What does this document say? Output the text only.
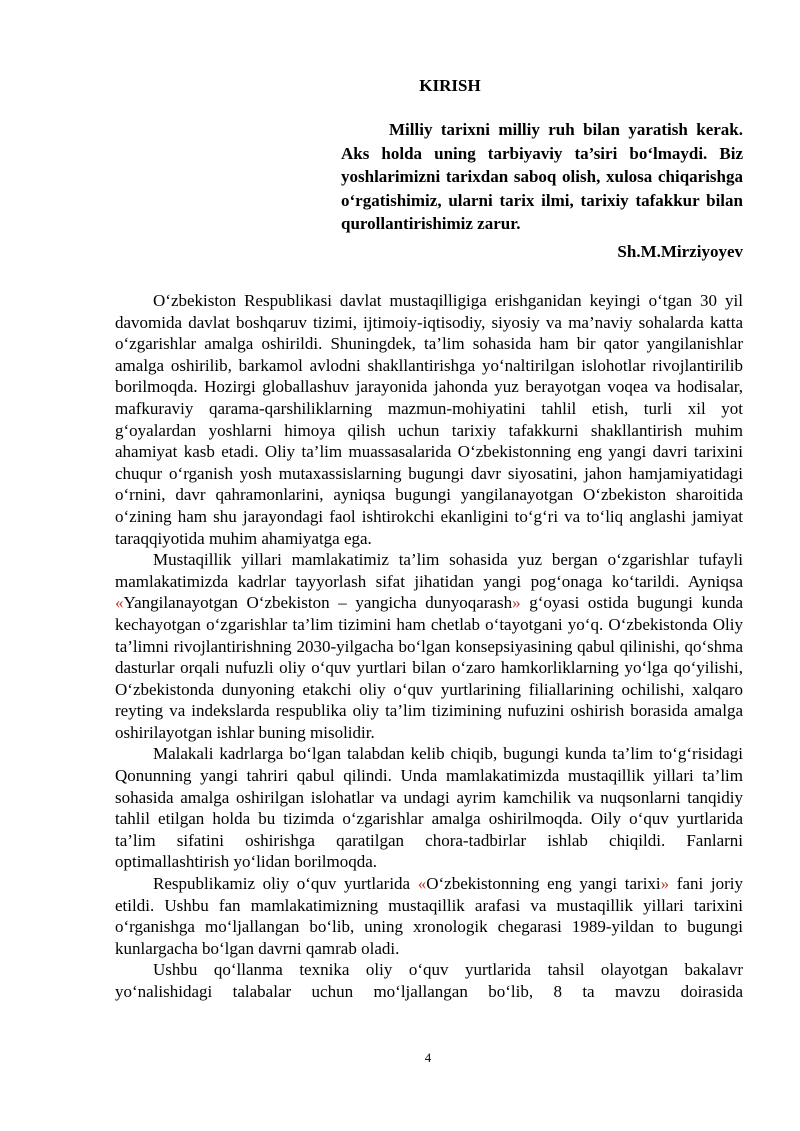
KIRISH
Milliy tarixni milliy ruh bilan yaratish kerak. Aks holda uning tarbiyaviy ta’siri bo‘lmaydi. Biz yoshlarimizni tarixdan saboq olish, xulosa chiqarishga o‘rgatishimiz, ularni tarix ilmi, tarixiy tafakkur bilan qurollantirishimiz zarur.
Sh.M.Mirziyoyev

O‘zbekiston Respublikasi davlat mustaqilligiga erishganidan keyingi o‘tgan 30 yil davomida davlat boshqaruv tizimi, ijtimoiy-iqtisodiy, siyosiy va ma’naviy sohalarda katta o‘zgarishlar amalga oshirildi. Shuningdek, ta’lim sohasida ham bir qator yangilanishlar amalga oshirilib, barkamol avlodni shakllantirishga yo‘naltirilgan islohotlar rivojlantirilib borilmoqda. Hozirgi globallashuv jarayonida jahonda yuz berayotgan voqea va hodisalar, mafkuraviy qarama-qarshiliklarning mazmun-mohiyatini tahlil etish, turli xil yot g‘oyalardan yoshlarni himoya qilish uchun tarixiy tafakkurni shakllantirish muhim ahamiyat kasb etadi. Oliy ta’lim muassasalarida O‘zbekistonning eng yangi davri tarixini chuqur o‘rganish yosh mutaxassislarning bugungi davr siyosatini, jahon hamjamiyatidagi o‘rnini, davr qahramonlarini, ayniqsa bugungi yangilanayotgan O‘zbekiston sharoitida o‘zining ham shu jarayondagi faol ishtirokchi ekanligini to‘g‘ri va to‘liq anglashi jamiyat taraqqiyotida muhim ahamiyatga ega.

Mustaqillik yillari mamlakatimiz ta’lim sohasida yuz bergan o‘zgarishlar tufayli mamlakatimizda kadrlar tayyorlash sifat jihatidan yangi pog‘onaga ko‘tarildi. Ayniqsa «Yangilanayotgan O‘zbekiston – yangicha dunyoqarash» g‘oyasi ostida bugungi kunda kechayotgan o‘zgarishlar ta’lim tizimini ham chetlab o‘tayotgani yo‘q. O‘zbekistonda Oliy ta’limni rivojlantirishning 2030-yilgacha bo‘lgan konsepsiyasining qabul qilinishi, qo‘shma dasturlar orqali nufuzli oliy o‘quv yurtlari bilan o‘zaro hamkorliklarning yo‘lga qo‘yilishi, O‘zbekistonda dunyoning etakchi oliy o‘quv yurtlarining filiallarining ochilishi, xalqaro reyting va indekslarda respublika oliy ta’lim tizimining nufuzini oshirish borasida amalga oshirilayotgan ishlar buning misolidir.

Malakali kadrlarga bo‘lgan talabdan kelib chiqib, bugungi kunda ta’lim to‘g‘risidagi Qonunning yangi tahriri qabul qilindi. Unda mamlakatimizda mustaqillik yillari ta’lim sohasida amalga oshirilgan islohatlar va undagi ayrim kamchilik va nuqsonlarni tanqidiy tahlil etilgan holda bu tizimda o‘zgarishlar amalga oshirilmoqda. Oily o‘quv yurtlarida ta’lim sifatini oshirishga qaratilgan chora-tadbirlar ishlab chiqildi. Fanlarni optimallashtirish yo‘lidan borilmoqda.

Respublikamiz oliy o‘quv yurtlarida «O‘zbekistonning eng yangi tarixi» fani joriy etildi. Ushbu fan mamlakatimizning mustaqillik arafasi va mustaqillik yillari tarixini o‘rganishga mo‘ljallangan bo‘lib, uning xronologik chegarasi 1989-yildan to bugungi kunlargacha bo‘lgan davrni qamrab oladi.

Ushbu qo‘llanma texnika oliy o‘quv yurtlarida tahsil olayotgan bakalavr yo‘nalishidagi talabalar uchun mo‘ljallangan bo‘lib, 8 ta mavzu doirasida

4
